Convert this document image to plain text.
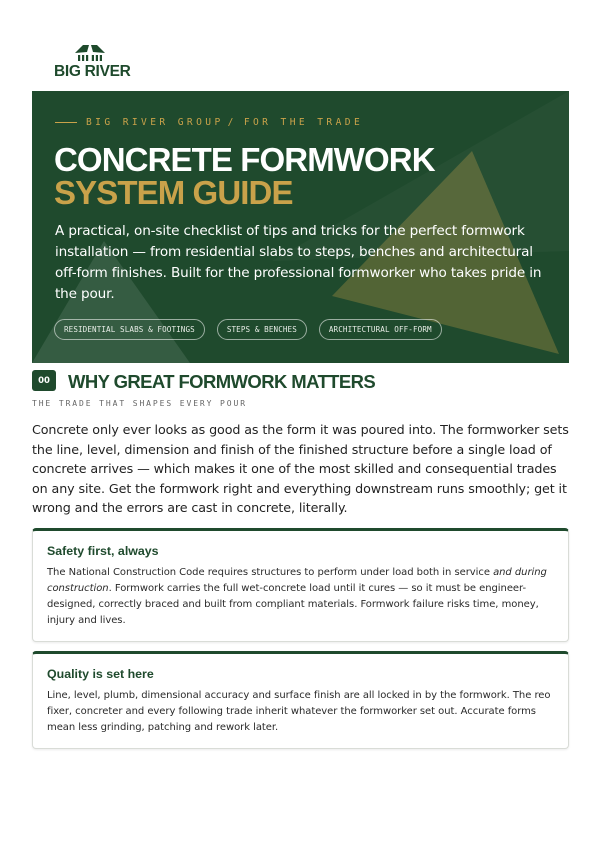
BIG RIVER
BIG RIVER GROUP / FOR THE TRADE
CONCRETE FORMWORK
SYSTEM GUIDE

A practical, on-site checklist of tips and tricks for the perfect formwork installation — from residential slabs to steps, benches and architectural off-form finishes. Built for the professional formworker who takes pride in the pour.

RESIDENTIAL SLABS & FOOTINGS	STEPS & BENCHES	ARCHITECTURAL OFF-FORM
00 WHY GREAT FORMWORK MATTERS
THE TRADE THAT SHAPES EVERY POUR

Concrete only ever looks as good as the form it was poured into. The formworker sets the line, level, dimension and finish of the finished structure before a single load of concrete arrives — which makes it one of the most skilled and consequential trades on any site. Get the formwork right and everything downstream runs smoothly; get it wrong and the errors are cast in concrete, literally.

Safety first, always

The National Construction Code requires structures to perform under load both in service and during construction. Formwork carries the full wet-concrete load until it cures — so it must be engineer-designed, correctly braced and built from compliant materials. Formwork failure risks time, money, injury and lives.

Quality is set here

Line, level, plumb, dimensional accuracy and surface finish are all locked in by the formwork. The reo fixer, concreter and every following trade inherit whatever the formworker set out. Accurate forms mean less grinding, patching and rework later.
